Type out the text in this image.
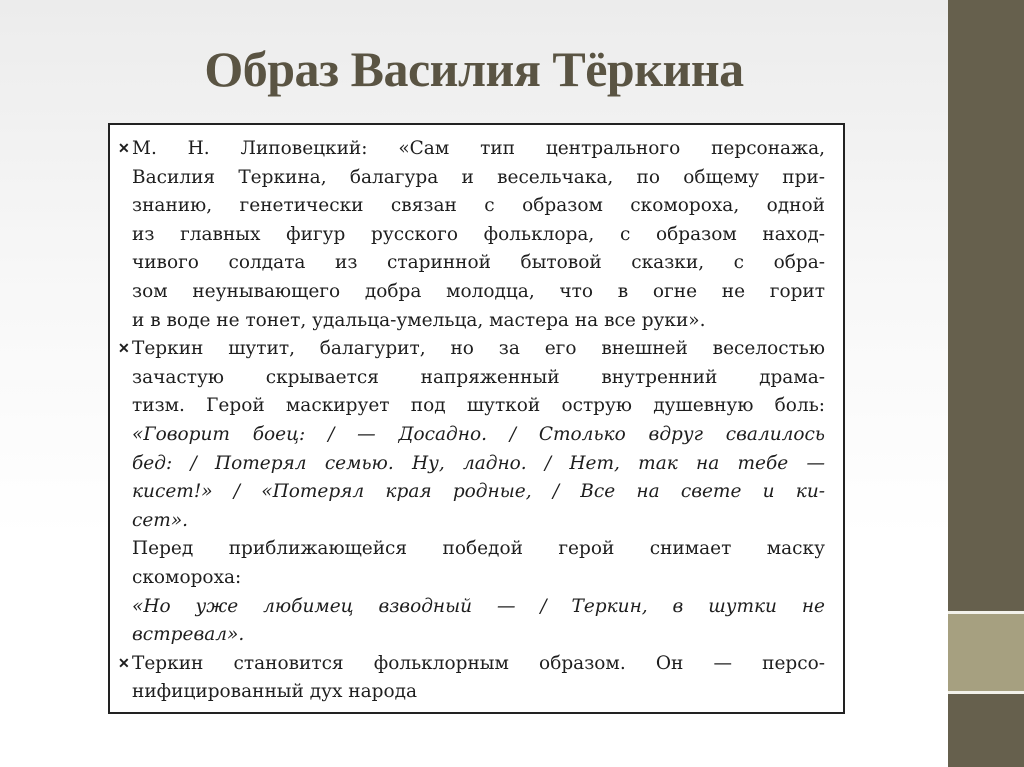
Образ Василия Тёркина
✕ М. Н. Липовецкий: «Сам тип центрального персонажа,
Василия Теркина, балагура и весельчака, по общему при-
знанию, генетически связан с образом скомороха, одной
из главных фигур русского фольклора, с образом наход-
чивого солдата из старинной бытовой сказки, с обра-
зом неунывающего добра молодца, что в огне не горит
и в воде не тонет, удальца-умельца, мастера на все руки».
✕ Теркин шутит, балагурит, но за его внешней веселостью
зачастую скрывается напряженный внутренний драма-
тизм. Герой маскирует под шуткой острую душевную боль:
«Говорит боец: / — Досадно. / Столько вдруг свалилось
бед: / Потерял семью. Ну, ладно. / Нет, так на тебе —
кисет!» / «Потерял края родные, / Все на свете и ки-
сет».
Перед приближающейся победой герой снимает маску
скомороха:
«Но уже любимец взводный — / Теркин, в шутки не
встревал».
✕ Теркин становится фольклорным образом. Он — персо-
нифицированный дух народа
